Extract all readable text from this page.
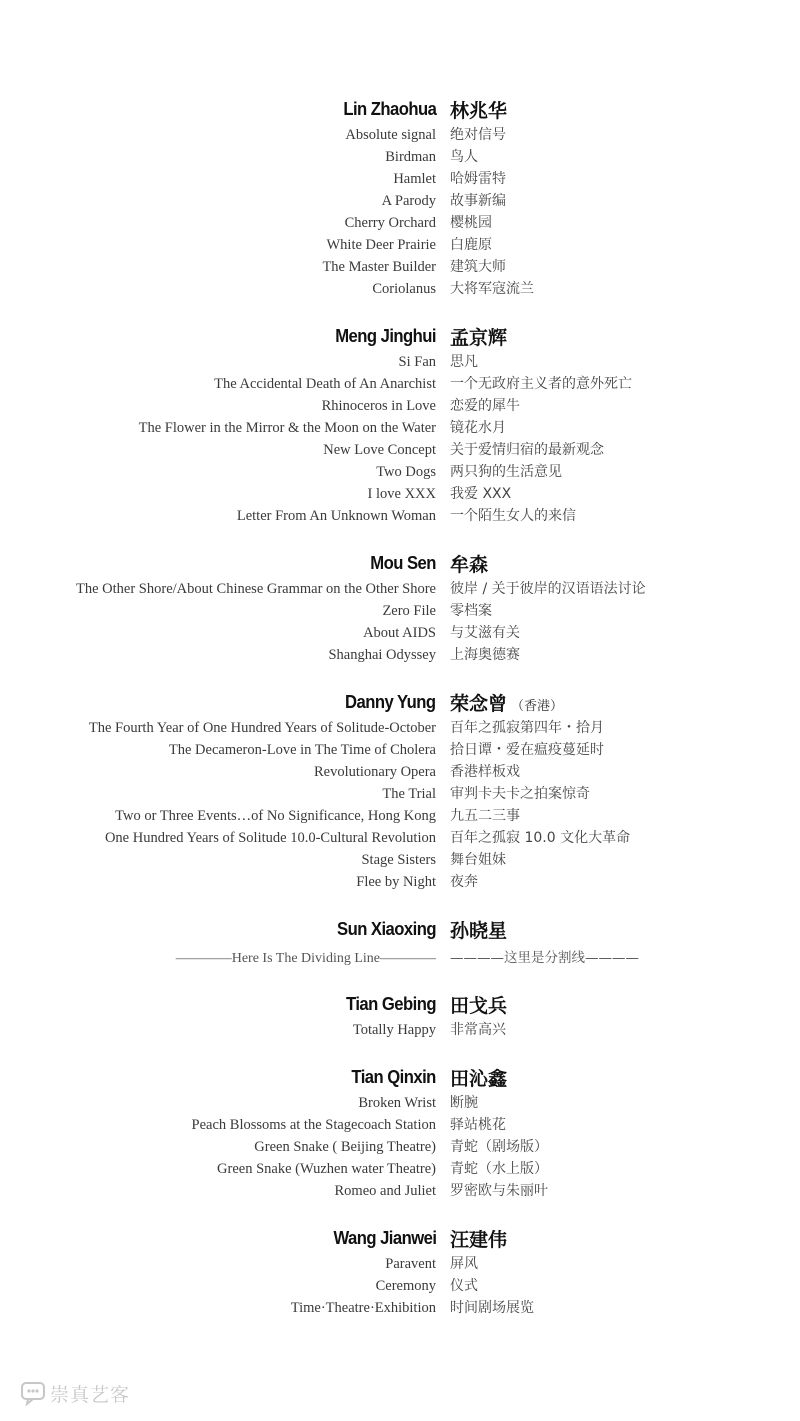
Lin Zhaohua 林兆华
Absolute signal	绝对信号
Birdman	鸟人
Hamlet	哈姆雷特
A Parody	故事新编
Cherry Orchard	樱桃园
White Deer Prairie	白鹿原
The Master Builder	建筑大师
Coriolanus	大将军寇流兰
Meng Jinghui 孟京辉
Si Fan	思凡
The Accidental Death of An Anarchist	一个无政府主义者的意外死亡
Rhinoceros in Love	恋爱的犀牛
The Flower in the Mirror & the Moon on the Water	镜花水月
New Love Concept	关于爱情归宿的最新观念
Two Dogs	两只狗的生活意见
I love XXX	我爱 XXX
Letter From An Unknown Woman	一个陌生女人的来信
Mou Sen 牟森
The Other Shore/About Chinese Grammar on the Other Shore	彼岸 / 关于彼岸的汉语语法讨论
Zero File	零档案
About AIDS	与艾滋有关
Shanghai Odyssey	上海奥德赛
Danny Yung 荣念曾 （香港）
The Fourth Year of One Hundred Years of Solitude-October	百年之孤寂第四年・拾月
The Decameron-Love in The Time of Cholera	拾日谭・爱在瘟疫蔓延时
Revolutionary Opera	香港样板戏
The Trial	审判卡夫卡之拍案惊奇
Two or Three Events…of No Significance, Hong Kong	九五二三事
One Hundred Years of Solitude 10.0-Cultural Revolution	百年之孤寂 10.0 文化大革命
Stage Sisters	舞台姐妹
Flee by Night	夜奔
Sun Xiaoxing 孙晓星
————Here Is The Dividing Line————	————这里是分割线————
Tian Gebing 田戈兵
Totally Happy	非常高兴
Tian Qinxin 田沁鑫
Broken Wrist	断腕
Peach Blossoms at the Stagecoach Station	驿站桃花
Green Snake ( Beijing Theatre)	青蛇（剧场版）
Green Snake (Wuzhen water Theatre)	青蛇（水上版）
Romeo and Juliet	罗密欧与朱丽叶
Wang Jianwei 汪建伟
Paravent	屏风
Ceremony	仪式
Time·Theatre·Exhibition	时间剧场展览
崇真艺客
